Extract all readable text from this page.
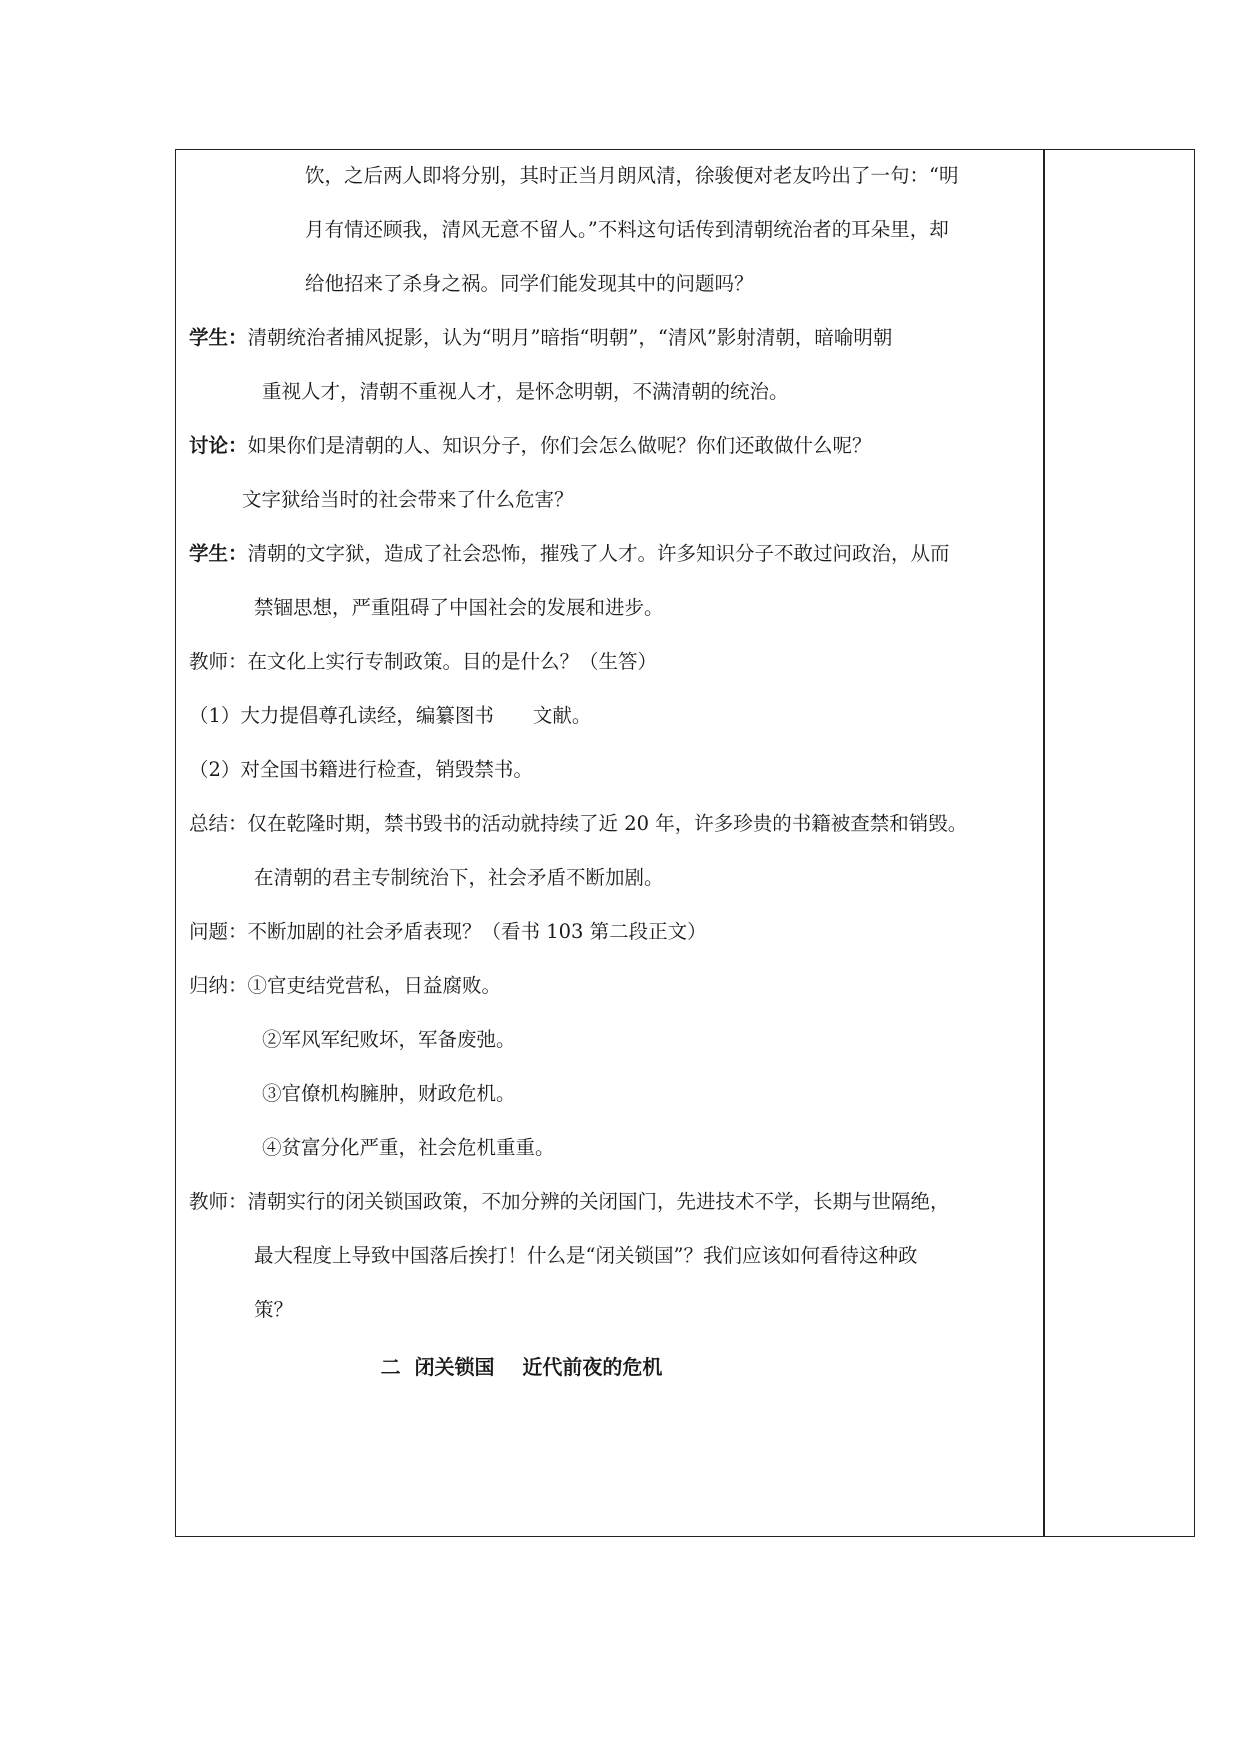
饮，之后两人即将分别，其时正当月朗风清，徐骏便对老友吟出了一句：“明
月有情还顾我，清风无意不留人。”不料这句话传到清朝统治者的耳朵里，却
给他招来了杀身之祸。同学们能发现其中的问题吗？
学生：清朝统治者捕风捉影，认为“明月”暗指“明朝”，“清风”影射清朝，暗喻明朝
重视人才，清朝不重视人才，是怀念明朝，不满清朝的统治。
讨论：如果你们是清朝的人、知识分子，你们会怎么做呢？你们还敢做什么呢？
文字狱给当时的社会带来了什么危害？
学生：清朝的文字狱，造成了社会恐怖，摧残了人才。许多知识分子不敢过问政治，从而
禁锢思想，严重阻碍了中国社会的发展和进步。
教师：在文化上实行专制政策。目的是什么？（生答）
（1）大力提倡尊孔读经，编纂图书　　文献。
（2）对全国书籍进行检查，销毁禁书。
总结：仅在乾隆时期，禁书毁书的活动就持续了近 20 年，许多珍贵的书籍被查禁和销毁。
在清朝的君主专制统治下，社会矛盾不断加剧。
问题：不断加剧的社会矛盾表现？（看书 103 第二段正文）
归纳：①官吏结党营私，日益腐败。
②军风军纪败坏，军备废弛。
③官僚机构臃肿，财政危机。
④贫富分化严重，社会危机重重。
教师：清朝实行的闭关锁国政策，不加分辨的关闭国门，先进技术不学，长期与世隔绝，
最大程度上导致中国落后挨打！什么是“闭关锁国”？我们应该如何看待这种政
策？
二  闭关锁国    近代前夜的危机
